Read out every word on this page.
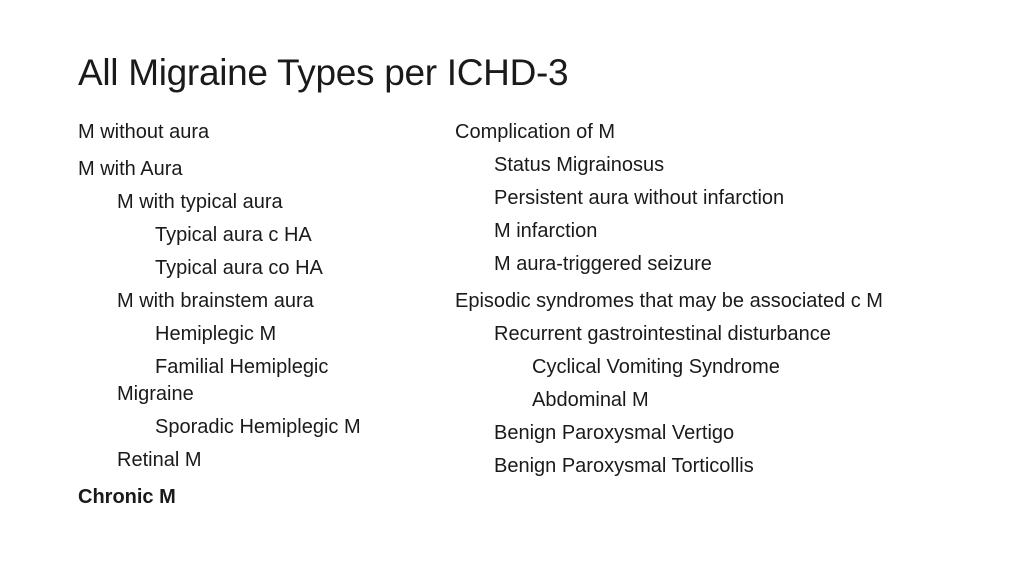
All Migraine Types per ICHD-3
M without aura
M with Aura
M with typical aura
Typical aura c HA
Typical aura co HA
M with brainstem aura
Hemiplegic M
Familial Hemiplegic Migraine
Sporadic Hemiplegic M
Retinal M
Chronic M
Complication of M
Status Migrainosus
Persistent aura without infarction
M infarction
M aura-triggered seizure
Episodic syndromes that may be associated c M
Recurrent gastrointestinal disturbance
Cyclical Vomiting Syndrome
Abdominal M
Benign Paroxysmal Vertigo
Benign Paroxysmal Torticollis
